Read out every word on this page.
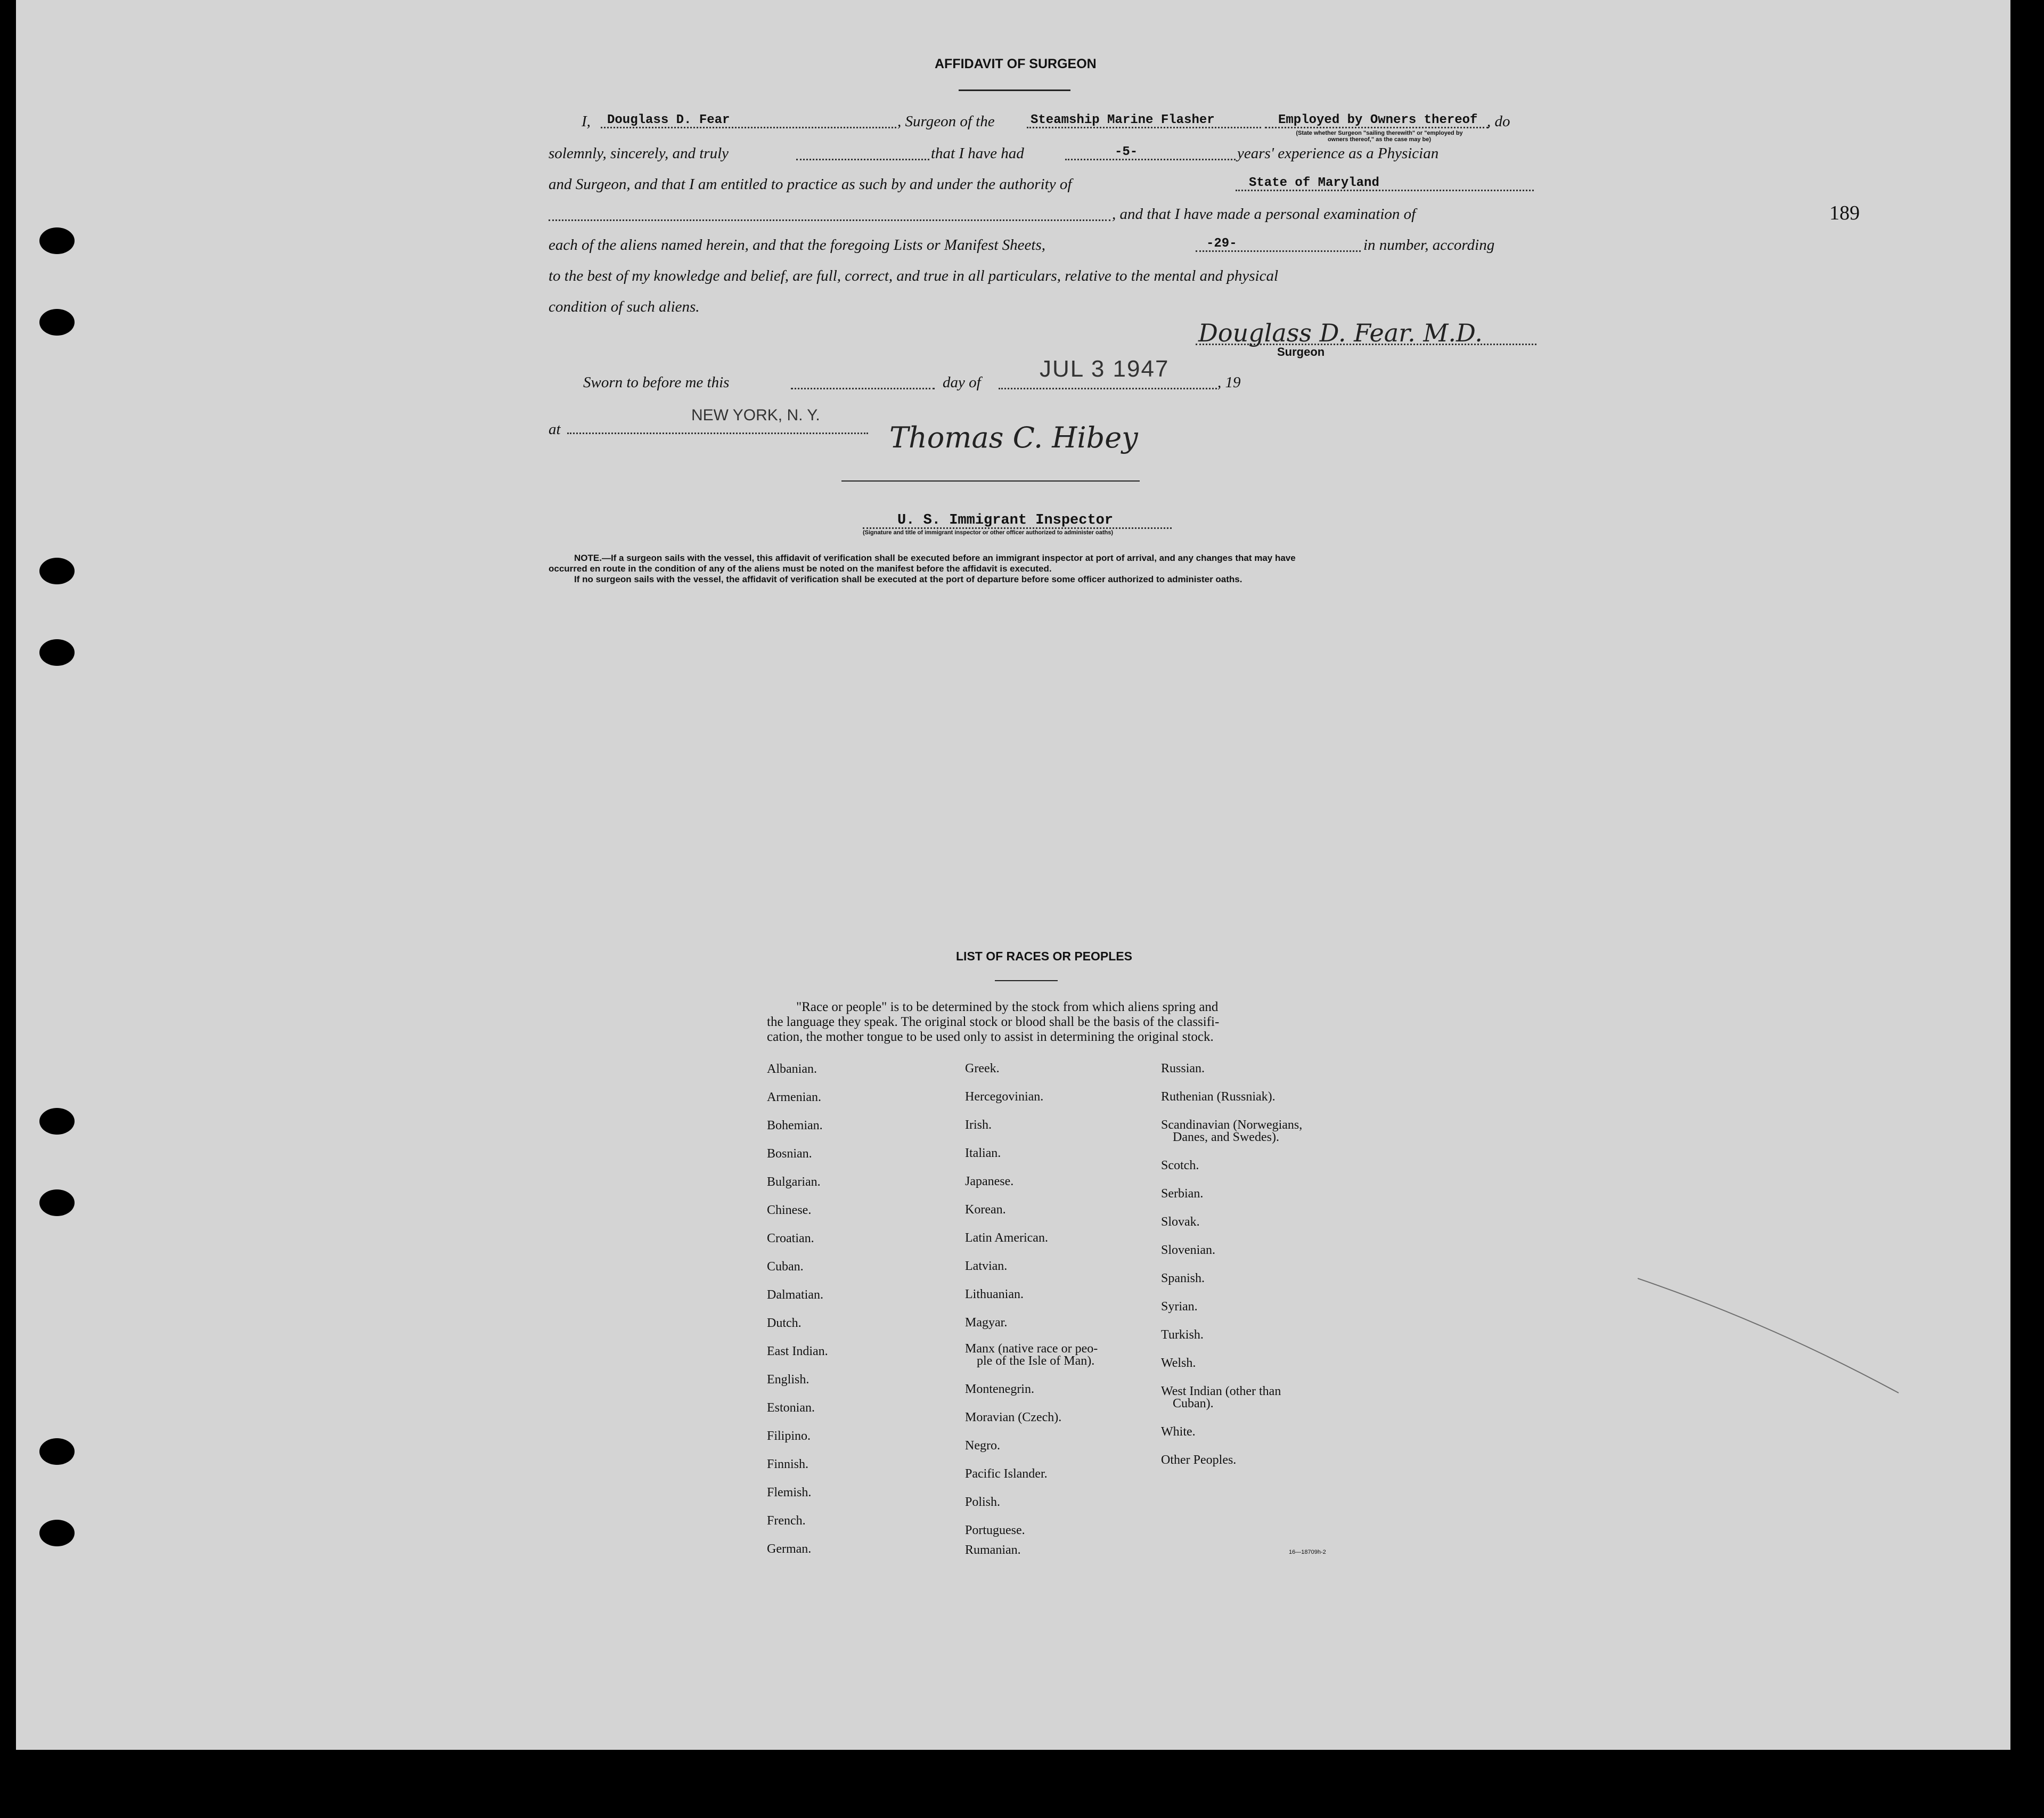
189
AFFIDAVIT OF SURGEON
I, Douglass D. Fear	, Surgeon of the	Steamship Marine Flasher	Employed by Owners thereof , do
(State whether Surgeon "sailing therewith" or "employed by owners thereof," as the case may be)
solemnly, sincerely, and truly	that I have had	-5-	years' experience as a Physician
and Surgeon, and that I am entitled to practice as such by and under the authority of	State of Maryland
, and that I have made a personal examination of
each of the aliens named herein, and that the foregoing Lists or Manifest Sheets,	-29-	in number, according
to the best of my knowledge and belief, are full, correct, and true in all particulars, relative to the mental and physical
condition of such aliens.
Douglass D. Fear. M.D.
Surgeon
Sworn to before me this	day of
JUL 3 1947
, 19
at
NEW YORK, N. Y.
Thomas C. Hibey
U. S. Immigrant Inspector
(Signature and title of immigrant inspector or other officer authorized to administer oaths)
NOTE.—If a surgeon sails with the vessel, this affidavit of verification shall be executed before an immigrant inspector at port of arrival, and any changes that may have
occurred en route in the condition of any of the aliens must be noted on the manifest before the affidavit is executed.
If no surgeon sails with the vessel, the affidavit of verification shall be executed at the port of departure before some officer authorized to administer oaths.
LIST OF RACES OR PEOPLES
"Race or people" is to be determined by the stock from which aliens spring and
the language they speak. The original stock or blood shall be the basis of the classifi-
cation, the mother tongue to be used only to assist in determining the original stock.
Albanian.
Armenian.
Bohemian.
Bosnian.
Bulgarian.
Chinese.
Croatian.
Cuban.
Dalmatian.
Dutch.
East Indian.
English.
Estonian.
Filipino.
Finnish.
Flemish.
French.
German.
Greek.
Hercegovinian.
Irish.
Italian.
Japanese.
Korean.
Latin American.
Latvian.
Lithuanian.
Magyar.
Manx (native race or peo-
ple of the Isle of Man).
Montenegrin.
Moravian (Czech).
Negro.
Pacific Islander.
Polish.
Portuguese.
Rumanian.
Russian.
Ruthenian (Russniak).
Scandinavian (Norwegians,
Danes, and Swedes).
Scotch.
Serbian.
Slovak.
Slovenian.
Spanish.
Syrian.
Turkish.
Welsh.
West Indian (other than
Cuban).
White.
Other Peoples.
16—18709h-2
